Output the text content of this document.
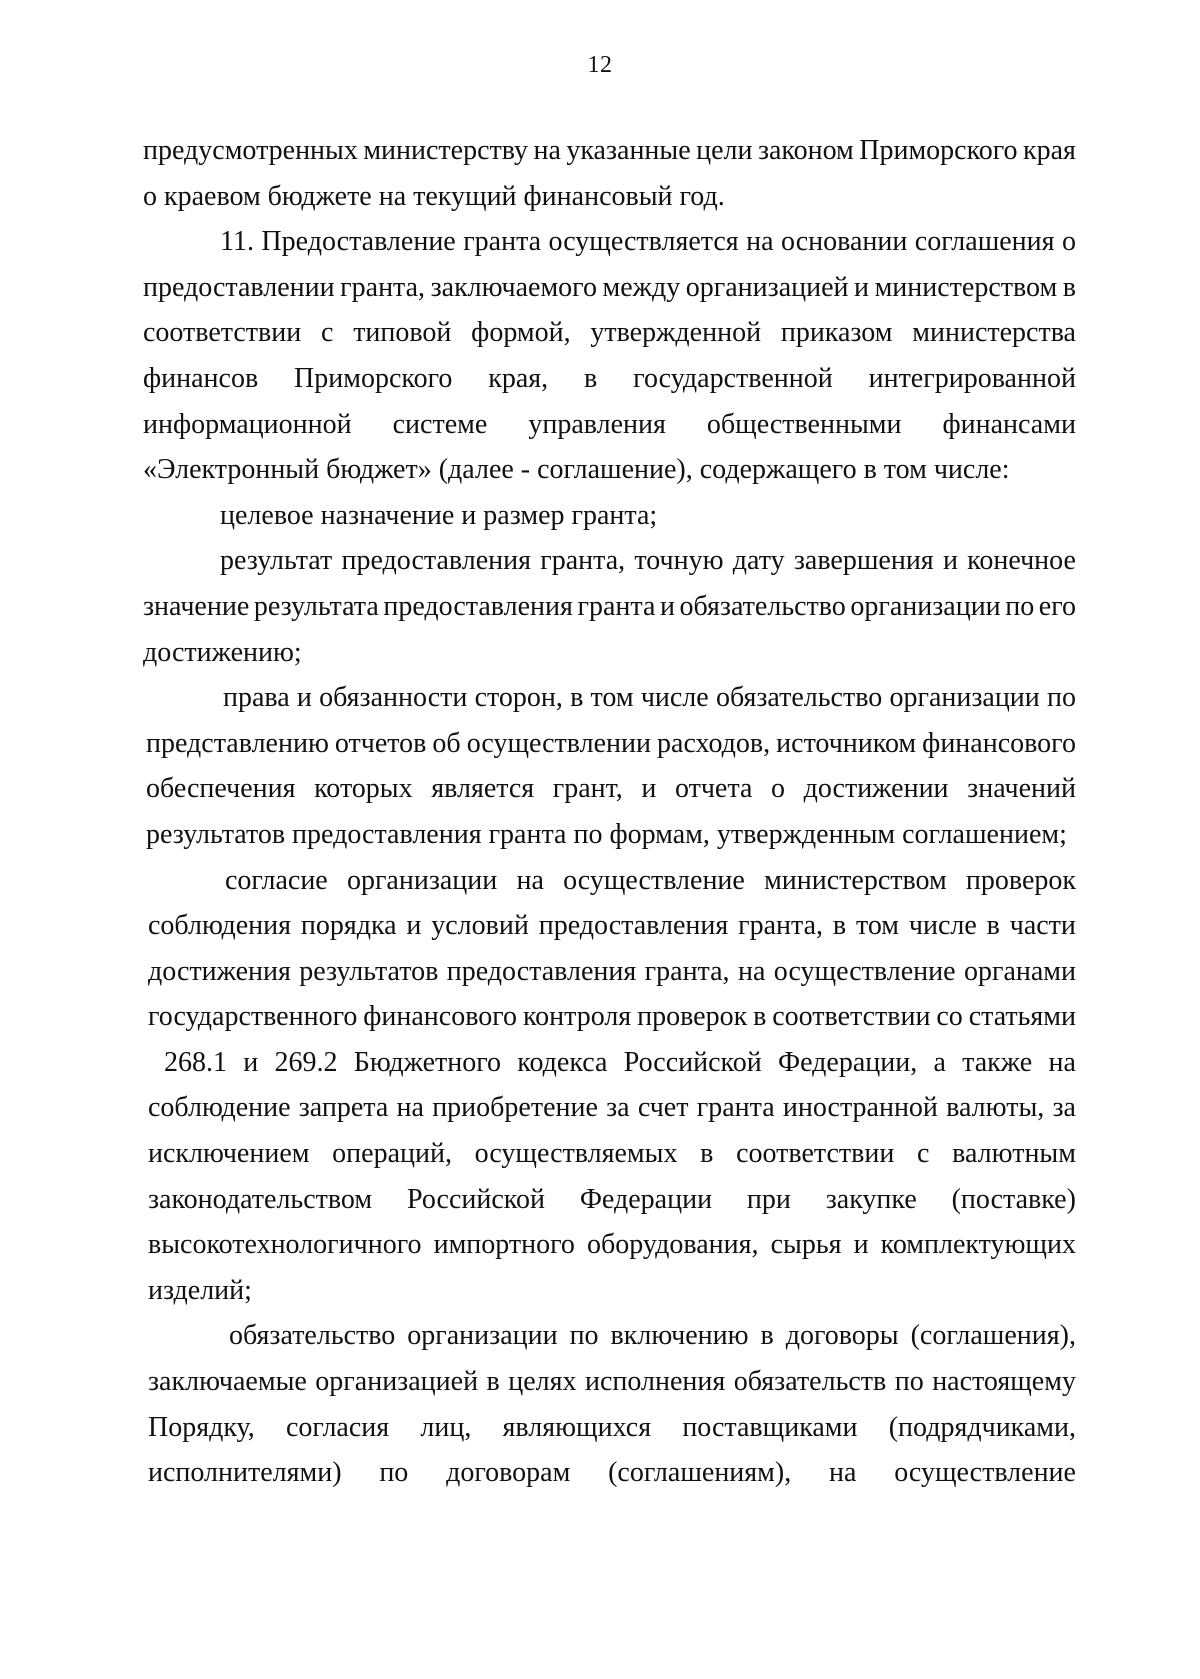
12
предусмотренных министерству на указанные цели законом Приморского края
о краевом бюджете на текущий финансовый год.
11. Предоставление гранта осуществляется на основании соглашения о
предоставлении гранта, заключаемого между организацией и министерством в
соответствии с типовой формой, утвержденной приказом министерства
финансов Приморского края, в государственной интегрированной
информационной системе управления общественными финансами
«Электронный бюджет» (далее - соглашение), содержащего в том числе:
целевое назначение и размер гранта;
результат предоставления гранта, точную дату завершения и конечное
значение результата предоставления гранта и обязательство организации по его
достижению;
права и обязанности сторон, в том числе обязательство организации по
представлению отчетов об осуществлении расходов, источником финансового
обеспечения которых является грант, и отчета о достижении значений
результатов предоставления гранта по формам, утвержденным соглашением;
согласие организации на осуществление министерством проверок
соблюдения порядка и условий предоставления гранта, в том числе в части
достижения результатов предоставления гранта, на осуществление органами
государственного финансового контроля проверок в соответствии со статьями
268.1 и 269.2 Бюджетного кодекса Российской Федерации, а также на
соблюдение запрета на приобретение за счет гранта иностранной валюты, за
исключением операций, осуществляемых в соответствии с валютным
законодательством Российской Федерации при закупке (поставке)
высокотехнологичного импортного оборудования, сырья и комплектующих
изделий;
обязательство организации по включению в договоры (соглашения),
заключаемые организацией в целях исполнения обязательств по настоящему
Порядку, согласия лиц, являющихся поставщиками (подрядчиками,
исполнителями) по договорам (соглашениям), на осуществление
